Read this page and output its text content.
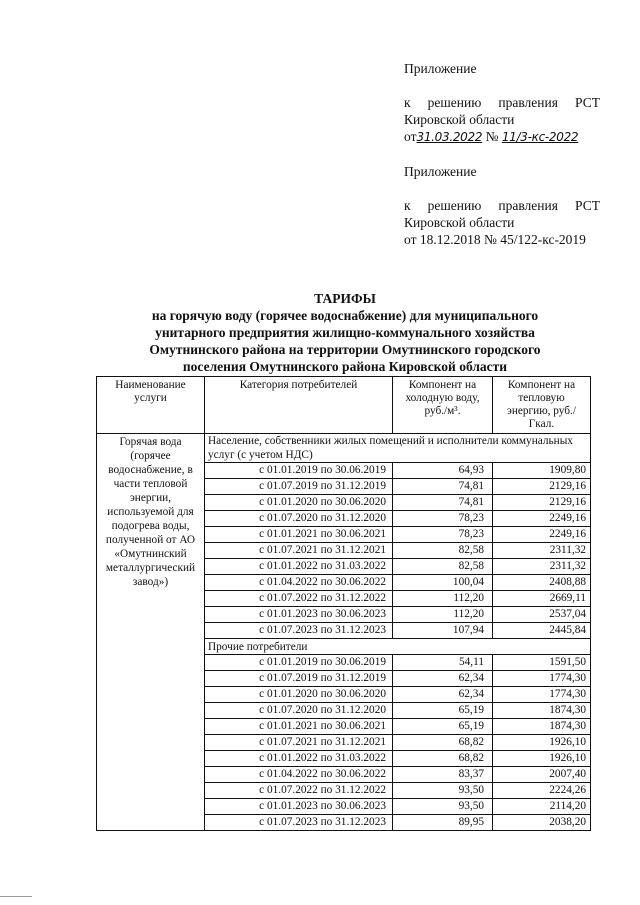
Приложение

к решению правления РСТ

Кировской области

от31.03.2022 № 11/3-кс-2022

Приложение

к решению правления РСТ

Кировской области

от 18.12.2018 № 45/122-кс-2019

ТАРИФЫ
на горячую воду (горячее водоснабжение) для муниципального
унитарного предприятия жилищно-коммунального хозяйства
Омутнинского района на территории Омутнинского городского
поселения Омутнинского района Кировской области
Наименование услуги	Категория потребителей	Компонент на холодную воду, руб./м³.	Компонент на тепловую энергию, руб./Гкал.
Горячая вода (горячее водоснабжение, в части тепловой энергии, используемой для подогрева воды, полученной от АО «Омутнинский металлургический завод»)	Население, собственники жилых помещений и исполнители коммунальных услуг (с учетом НДС)		
	с 01.01.2019 по 30.06.2019	64,93	1909,80
	с 01.07.2019 по 31.12.2019	74,81	2129,16
	с 01.01.2020 по 30.06.2020	74,81	2129,16
	с 01.07.2020 по 31.12.2020	78,23	2249,16
	с 01.01.2021 по 30.06.2021	78,23	2249,16
	с 01.07.2021 по 31.12.2021	82,58	2311,32
	с 01.01.2022 по 31.03.2022	82,58	2311,32
	с 01.04.2022 по 30.06.2022	100,04	2408,88
	с 01.07.2022 по 31.12.2022	112,20	2669,11
	с 01.01.2023 по 30.06.2023	112,20	2537,04
	с 01.07.2023 по 31.12.2023	107,94	2445,84
	Прочие потребители		
	с 01.01.2019 по 30.06.2019	54,11	1591,50
	с 01.07.2019 по 31.12.2019	62,34	1774,30
	с 01.01.2020 по 30.06.2020	62,34	1774,30
	с 01.07.2020 по 31.12.2020	65,19	1874,30
	с 01.01.2021 по 30.06.2021	65,19	1874,30
	с 01.07.2021 по 31.12.2021	68,82	1926,10
	с 01.01.2022 по 31.03.2022	68,82	1926,10
	с 01.04.2022 по 30.06.2022	83,37	2007,40
	с 01.07.2022 по 31.12.2022	93,50	2224,26
	с 01.01.2023 по 30.06.2023	93,50	2114,20
	с 01.07.2023 по 31.12.2023	89,95	2038,20
